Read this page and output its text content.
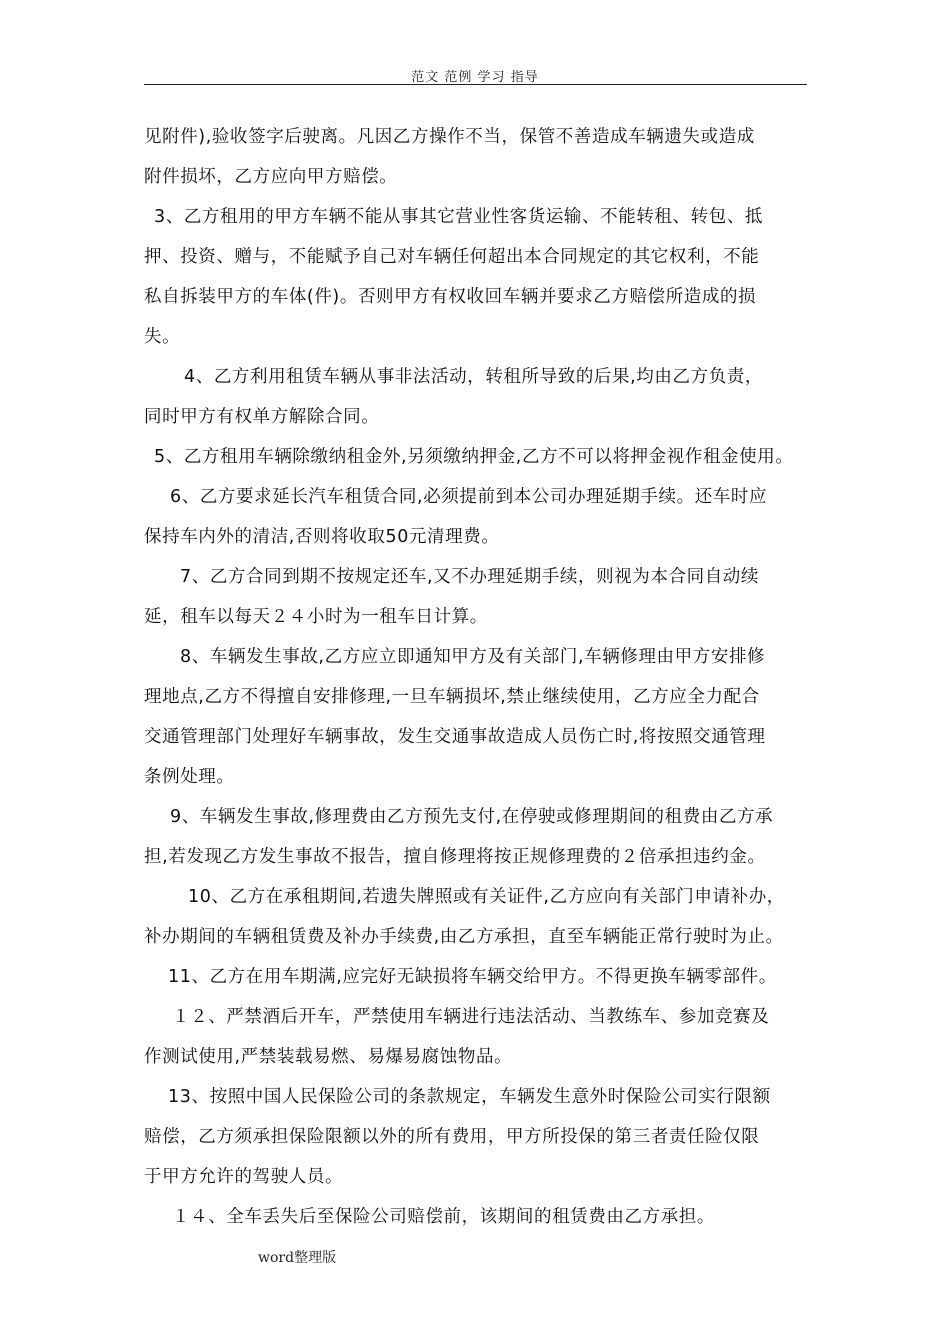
范文 范例 学习 指导
见附件),验收签字后驶离。凡因乙方操作不当，保管不善造成车辆遗失或造成
附件损坏，乙方应向甲方赔偿。
3、乙方租用的甲方车辆不能从事其它营业性客货运输、不能转租、转包、抵
押、投资、赠与，不能赋予自己对车辆任何超出本合同规定的其它权利，不能
私自拆装甲方的车体(件)。否则甲方有权收回车辆并要求乙方赔偿所造成的损
失。
4、乙方利用租赁车辆从事非法活动，转租所导致的后果,均由乙方负责，
同时甲方有权单方解除合同。
5、乙方租用车辆除缴纳租金外,另须缴纳押金,乙方不可以将押金视作租金使用。
6、乙方要求延长汽车租赁合同,必须提前到本公司办理延期手续。还车时应
保持车内外的清洁,否则将收取50元清理费。
7、乙方合同到期不按规定还车,又不办理延期手续，则视为本合同自动续
延，租车以每天２４小时为一租车日计算。
8、车辆发生事故,乙方应立即通知甲方及有关部门,车辆修理由甲方安排修
理地点,乙方不得擅自安排修理,一旦车辆损坏,禁止继续使用，乙方应全力配合
交通管理部门处理好车辆事故，发生交通事故造成人员伤亡时,将按照交通管理
条例处理。
9、车辆发生事故,修理费由乙方预先支付,在停驶或修理期间的租费由乙方承
担,若发现乙方发生事故不报告，擅自修理将按正规修理费的２倍承担违约金。
10、乙方在承租期间,若遗失牌照或有关证件,乙方应向有关部门申请补办，
补办期间的车辆租赁费及补办手续费,由乙方承担，直至车辆能正常行驶时为止。
11、乙方在用车期满,应完好无缺损将车辆交给甲方。不得更换车辆零部件。
１２、严禁酒后开车，严禁使用车辆进行违法活动、当教练车、参加竞赛及
作测试使用,严禁装载易燃、易爆易腐蚀物品。
13、按照中国人民保险公司的条款规定，车辆发生意外时保险公司实行限额
赔偿，乙方须承担保险限额以外的所有费用，甲方所投保的第三者责任险仅限
于甲方允许的驾驶人员。
１４、全车丢失后至保险公司赔偿前，该期间的租赁费由乙方承担。
word整理版
